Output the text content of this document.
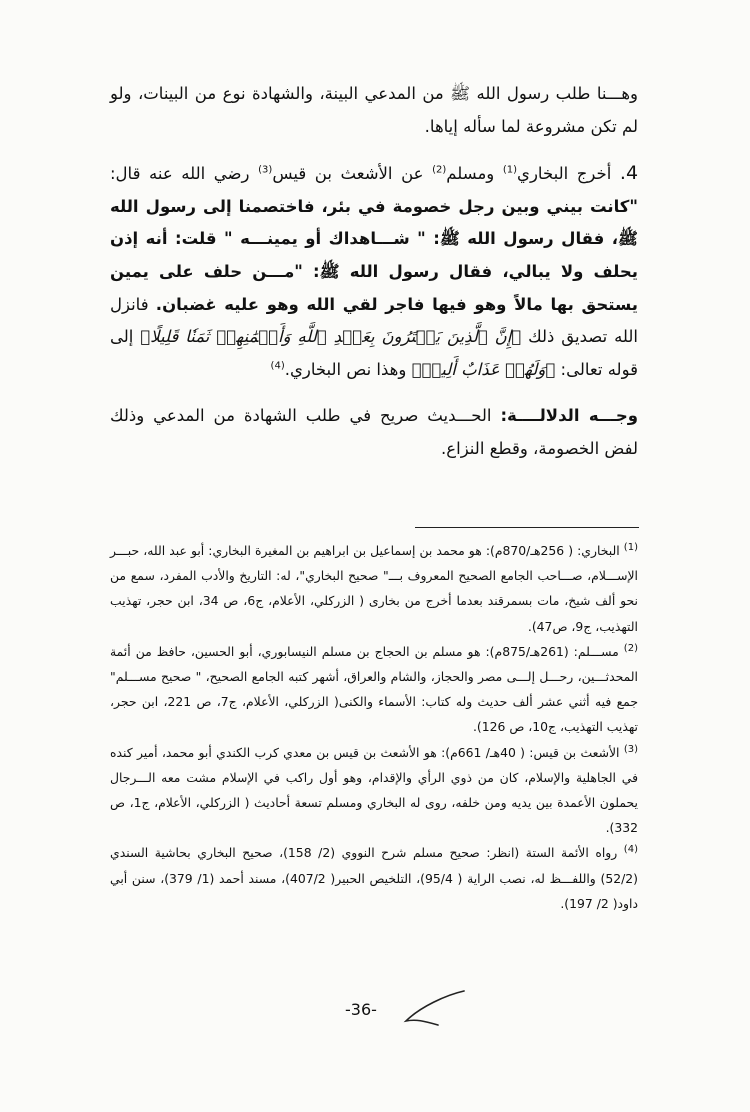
وهـــنا طلب رسول الله ﷺ من المدعي البينة، والشهادة نوع من البينات، ولو لم تكن مشروعة لما سأله إياها.

4. أخرج البخاري$^{(1)}$ ومسلم$^{(2)}$ عن الأشعث بن قيس$^{(3)}$ رضي الله عنه قال: "كانت بيني وبين رجل خصومة في بئر، فاختصمنا إلى رسول الله ﷺ، فقال رسول الله ﷺ: " شـــاهداك أو يمينـــه " قلت: أنه إذن يحلف ولا يبالي، فقال رسول الله ﷺ: "مـــن حلف على يمين يستحق بها مالاً وهو فيها فاجر لقي الله وهو عليه غضبان. فانزل الله تصديق ذلك ﴿إِنَّ ٱلَّذِينَ يَشۡتَرُونَ بِعَهۡدِ ٱللَّهِ وَأَيۡمَٰنِهِمۡ ثَمَنٗا قَلِيلًا﴾ إلى قوله تعالى: ﴿وَلَهُمۡ عَذَابٌ أَلِيمٞ﴾ وهذا نص البخاري.$^{(4)}$

وجـــه الدلالــــة: الحـــديث صريح في طلب الشهادة من المدعي وذلك لفض الخصومة، وقطع النزاع.

$^{(1)}$ البخاري: ( 256هـ/870م): هو محمد بن إسماعيل بن ابراهيم بن المغيرة البخاري: أبو عبد الله، حبـــر الإســـلام، صـــاحب الجامع الصحيح المعروف بـــ" صحيح البخاري"، له: التاريخ والأدب المفرد، سمع من نحو ألف شيخ، مات بسمرقند بعدما أخرج من بخارى ( الزركلي، الأعلام، ج6، ص 34، ابن حجر، تهذيب التهذيب، ج9، ص47).

$^{(2)}$ مســـلم: (261هـ/875م): هو مسلم بن الحجاج بن مسلم النيسابوري، أبو الحسين، حافظ من أئمة المحدثـــين، رحـــل إلـــى مصر والحجاز، والشام والعراق، أشهر كتبه الجامع الصحيح، " صحيح مســـلم" جمع فيه أثني عشر ألف حديث وله كتاب: الأسماء والكنى( الزركلي، الأعلام، ج7، ص 221، ابن حجر، تهذيب التهذيب، ج10، ص 126).

$^{(3)}$ الأشعث بن قيس: ( 40هـ/ 661م): هو الأشعث بن قيس بن معدي كرب الكندي أبو محمد، أمير كنده في الجاهلية والإسلام، كان من ذوي الرأي والإقدام، وهو أول راكب في الإسلام مشت معه الـــرجال يحملون الأعمدة بين يديه ومن خلفه، روى له البخاري ومسلم تسعة أحاديث ( الزركلي، الأعلام، ج1، ص 332).

$^{(4)}$ رواه الأئمة الستة (انظر: صحيح مسلم شرح النووي (2/ 158)، صحيح البخاري بحاشية السندي (52/2) واللفـــظ له، نصب الراية ( 95/4)، التلخيص الحبير( 407/2)، مسند أحمد (1/ 379)، سنن أبي داود( 2/ 197).

-36-
